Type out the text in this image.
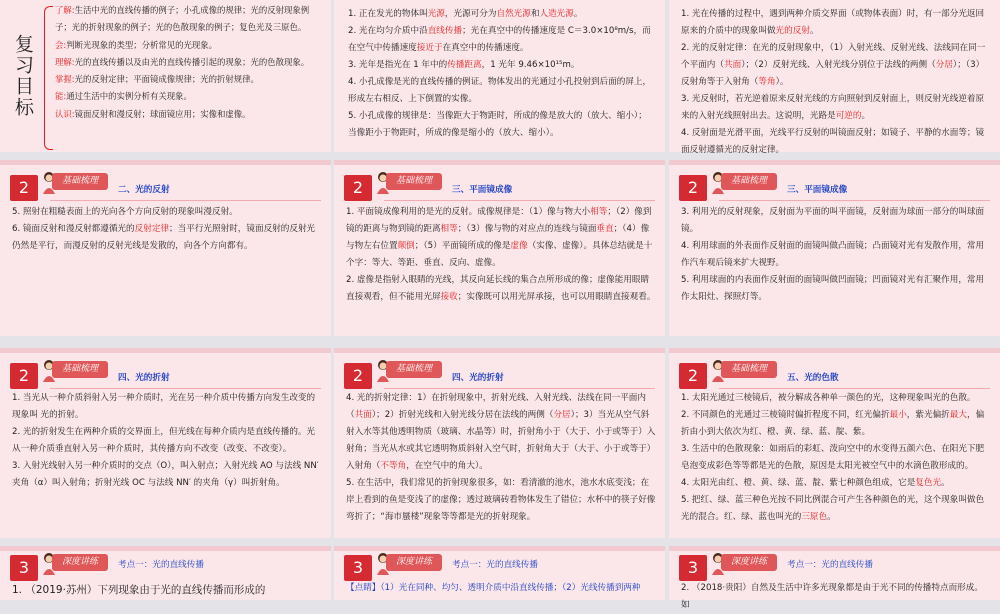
复习目标

了解:生活中光的直线传播的例子；小孔成像的规律；光的反射现象例子；光的折射现象的例子；光的色散现象的例子；复色光及三原色。

会:判断光现象的类型；分析常见的光现象。

理解:光的直线传播以及由光的直线传播引起的现象；光的色散现象。

掌握:光的反射定律；平面镜成像规律；光的折射规律。

能:通过生活中的实例分析有关现象。

认识:镜面反射和漫反射；球面镜应用；实像和虚像。

1. 正在发光的物体叫光源，光源可分为自然光源和人造光源。

2. 光在均匀介质中沿直线传播；光在真空中的传播速度是 C＝3.0×10⁸m/s，而在空气中传播速度接近于在真空中的传播速度。

3. 光年是指光在 1 年中的传播距离，1 光年 9.46×10¹⁵m。

4. 小孔成像是光的直线传播的例证。物体发出的光通过小孔投射到后面的屏上，形成左右相反、上下倒置的实像。

5. 小孔成像的规律是：当像距大于物距时，所成的像是放大的（放大、缩小）；当像距小于物距时，所成的像是缩小的（放大、缩小）。

1. 光在传播的过程中，遇到两种介质交界面（或物体表面）时，有一部分光返回原来的介质中的现象叫做光的反射。

2. 光的反射定律：在光的反射现象中，（1）入射光线、反射光线、法线同在同一个平面内（共面）；（2）反射光线、入射光线分别位于法线的两侧（分居）；（3）反射角等于入射角（等角）。

3. 光反射时，若光逆着原来反射光线的方向照射到反射面上，则反射光线逆着原来的入射光线照射出去。这说明，光路是可逆的。

4. 反射面是光滑平面，光线平行反射的叫镜面反射；如镜子、平静的水面等；镜面反射遵循光的反射定律。

2	基础梳理
二、光的反射

5. 照射在粗糙表面上的光向各个方向反射的现象叫漫反射。

6. 镜面反射和漫反射都遵循光的反射定律；当平行光照射时，镜面反射的反射光仍然是平行，而漫反射的反射光线是发散的，向各个方向都有。

2	基础梳理
三、平面镜成像

1. 平面镜成像利用的是光的反射。成像规律是：（1）像与物大小相等；（2）像到镜的距离与物到镜的距离相等；（3）像与物的对应点的连线与镜面垂直；（4）像与物左右位置颠倒；（5）平面镜所成的像是虚像（实像、虚像）。具体总结就是十个字：等大、等距、垂直、反向、虚像。

2. 虚像是指射入眼睛的光线，其反向延长线的集合点所形成的像；虚像能用眼睛直接观看，但不能用光屏接收；实像既可以用光屏承接，也可以用眼睛直接观看。

2	基础梳理
三、平面镜成像

3. 利用光的反射现象，反射面为平面的叫平面镜，反射面为球面一部分的叫球面镜。

4. 利用球面的外表面作反射面的面镜叫做凸面镜；凸面镜对光有发散作用，常用作汽车观后镜来扩大视野。

5. 利用球面的内表面作反射面的面镜叫做凹面镜；凹面镜对光有汇聚作用，常用作太阳灶、探照灯等。

2	基础梳理
四、光的折射

1. 当光从一种介质斜射入另一种介质时，光在另一种介质中传播方向发生改变的现象叫 光的折射。

2. 光的折射发生在两种介质的交界面上，但光线在每种介质内是直线传播的。光从一种介质垂直射入另一种介质时，其传播方向不改变（改变、不改变）。

3. 入射光线射入另一种介质时的交点（O），叫入射点；入射光线 AO 与法线 NN′ 夹角（α）叫入射角；折射光线 OC 与法线 NN′ 的夹角（γ）叫折射角。

2	基础梳理
四、光的折射

4. 光的折射定律：1）在折射现象中，折射光线、入射光线、法线在同一平面内（共面）；2）折射光线和入射光线分居在法线的两侧（分居）；3）当光从空气斜射入水等其他透明物质（玻璃、水晶等）时，折射角小于（大于、小于或等于）入射角；当光从水或其它透明物质斜射入空气时，折射角大于（大于、小于或等于）入射角（不等角，在空气中的角大）。

5. 在生活中，我们常见的折射现象很多，如：看清澈的池水，池水水底变浅；在岸上看到的鱼是变浅了的虚像；透过玻璃砖看物体发生了错位；水杯中的筷子好像弯折了；“海市蜃楼”现象等等都是光的折射现象。

2	基础梳理
五、光的色散

1. 太阳光通过三棱镜后，被分解成各种单一颜色的光，这种现象叫光的色散。

2. 不同颜色的光通过三棱镜时偏折程度不同，红光偏折最小，紫光偏折最大，偏折由小到大依次为红、橙、黄、绿、蓝、靛、紫。

3. 生活中的色散现象：如雨后的彩虹、泼向空中的水变得五颜六色、在阳光下肥皂泡变成彩色等等都是光的色散，原因是太阳光被空气中的水滴色散形成的。

4. 太阳光由红、橙、黄、绿、蓝、靛、紫七种颜色组成，它是复色光。

5. 把红、绿、蓝三种色光按不同比例混合可产生各种颜色的光，这个现象叫做色光的混合。红、绿、蓝也叫光的三原色。

3	深度讲练	考点一：光的直线传播
1. （2019·苏州）下列现象由于光的直线传播而形成的
3	深度讲练	考点一：光的直线传播
【点睛】（1）光在同种、均匀、透明介质中沿直线传播；（2）光线传播到两种
3	深度讲练	考点一：光的直线传播
2. （2018·贵阳）自然及生活中许多光现象都是由于光不同的传播特点而形成。如
